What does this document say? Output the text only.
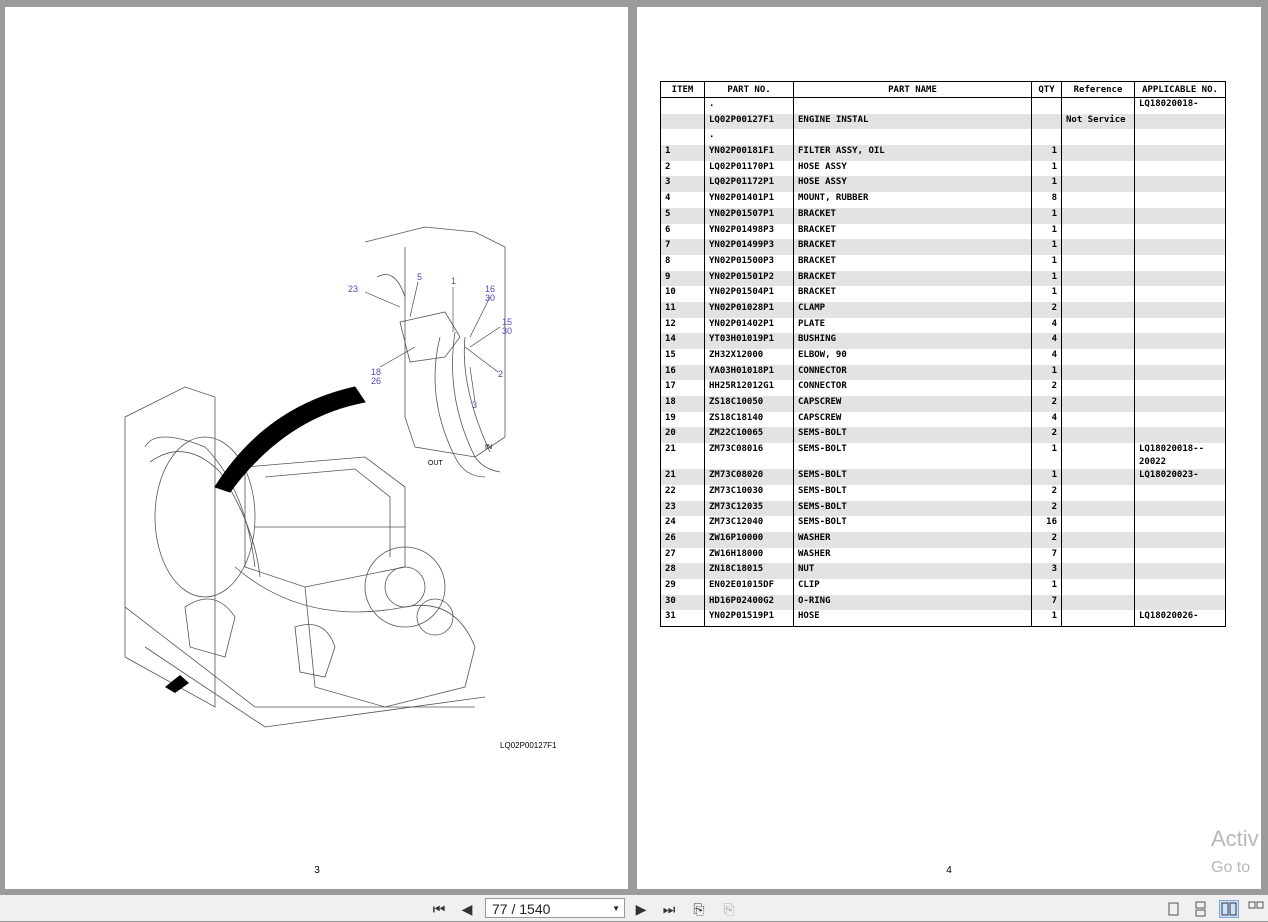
23
5	1
16
30
15
30
2
3
18
26
OUT
IN
LQ02P00127F1
3
ITEM	PART NO.	PART NAME	QTY	Reference	APPLICABLE NO.
	.				LQ18020018-
	LQ02P00127F1	ENGINE INSTAL		Not Service	
	.				
1	YN02P00181F1	FILTER ASSY, OIL	1		
2	LQ02P01170P1	HOSE ASSY	1		
3	LQ02P01172P1	HOSE ASSY	1		
4	YN02P01401P1	MOUNT, RUBBER	8		
5	YN02P01507P1	BRACKET	1		
6	YN02P01498P3	BRACKET	1		
7	YN02P01499P3	BRACKET	1		
8	YN02P01500P3	BRACKET	1		
9	YN02P01501P2	BRACKET	1		
10	YN02P01504P1	BRACKET	1		
11	YN02P01028P1	CLAMP	2		
12	YN02P01402P1	PLATE	4		
14	YT03H01019P1	BUSHING	4		
15	ZH32X12000	ELBOW, 90	4		
16	YA03H01018P1	CONNECTOR	1		
17	HH25R12012G1	CONNECTOR	2		
18	ZS18C10050	CAPSCREW	2		
19	ZS18C18140	CAPSCREW	4		
20	ZM22C10065	SEMS-BOLT	2		
21	ZM73C08016	SEMS-BOLT	1		LQ18020018--
20022
21	ZM73C08020	SEMS-BOLT	1		LQ18020023-
22	ZM73C10030	SEMS-BOLT	2		
23	ZM73C12035	SEMS-BOLT	2		
24	ZM73C12040	SEMS-BOLT	16		
26	ZW16P10000	WASHER	2		
27	ZW16H18000	WASHER	7		
28	ZN18C18015	NUT	3		
29	EN02E01015DF	CLIP	1		
30	HD16P02400G2	O-RING	7		
31	YN02P01519P1	HOSE	1		LQ18020026-
4
Activ
Go to
⏮ ◀	77 / 1540	▼ ▶ ⏭ ⎘ ⎘
